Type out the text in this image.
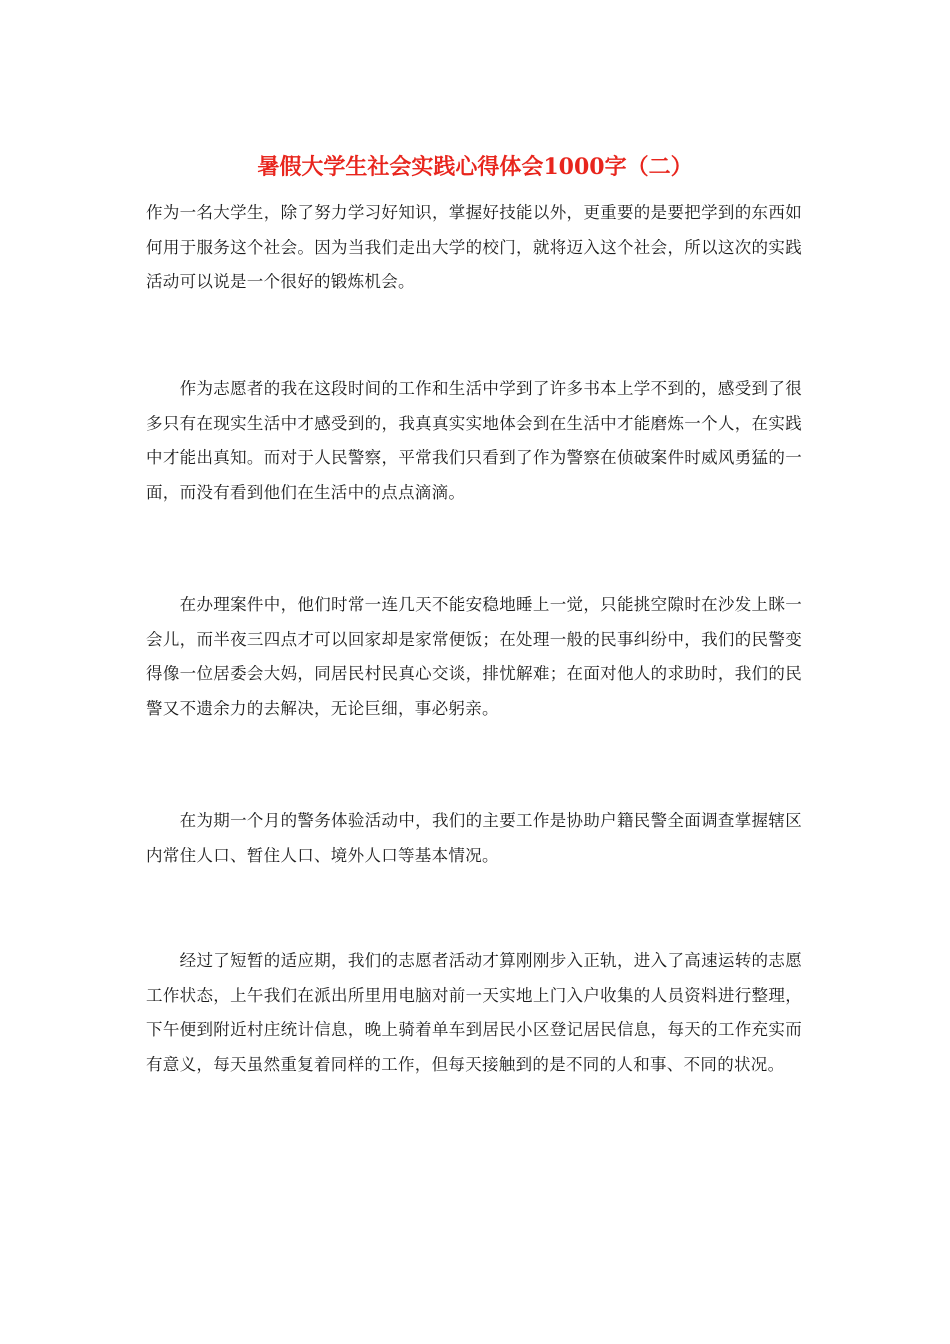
暑假大学生社会实践心得体会1000字（二）

作为一名大学生，除了努力学习好知识，掌握好技能以外，更重要的是要把学到的东西如何用于服务这个社会。因为当我们走出大学的校门，就将迈入这个社会，所以这次的实践活动可以说是一个很好的锻炼机会。

　　作为志愿者的我在这段时间的工作和生活中学到了许多书本上学不到的，感受到了很多只有在现实生活中才感受到的，我真真实实地体会到在生活中才能磨炼一个人，在实践中才能出真知。而对于人民警察，平常我们只看到了作为警察在侦破案件时威风勇猛的一面，而没有看到他们在生活中的点点滴滴。

　　在办理案件中，他们时常一连几天不能安稳地睡上一觉，只能挑空隙时在沙发上眯一会儿，而半夜三四点才可以回家却是家常便饭；在处理一般的民事纠纷中，我们的民警变得像一位居委会大妈，同居民村民真心交谈，排忧解难；在面对他人的求助时，我们的民警又不遗余力的去解决，无论巨细，事必躬亲。

　　在为期一个月的警务体验活动中，我们的主要工作是协助户籍民警全面调查掌握辖区内常住人口、暂住人口、境外人口等基本情况。

　　经过了短暂的适应期，我们的志愿者活动才算刚刚步入正轨，进入了高速运转的志愿工作状态，上午我们在派出所里用电脑对前一天实地上门入户收集的人员资料进行整理，下午便到附近村庄统计信息，晚上骑着单车到居民小区登记居民信息，每天的工作充实而有意义，每天虽然重复着同样的工作，但每天接触到的是不同的人和事、不同的状况。
